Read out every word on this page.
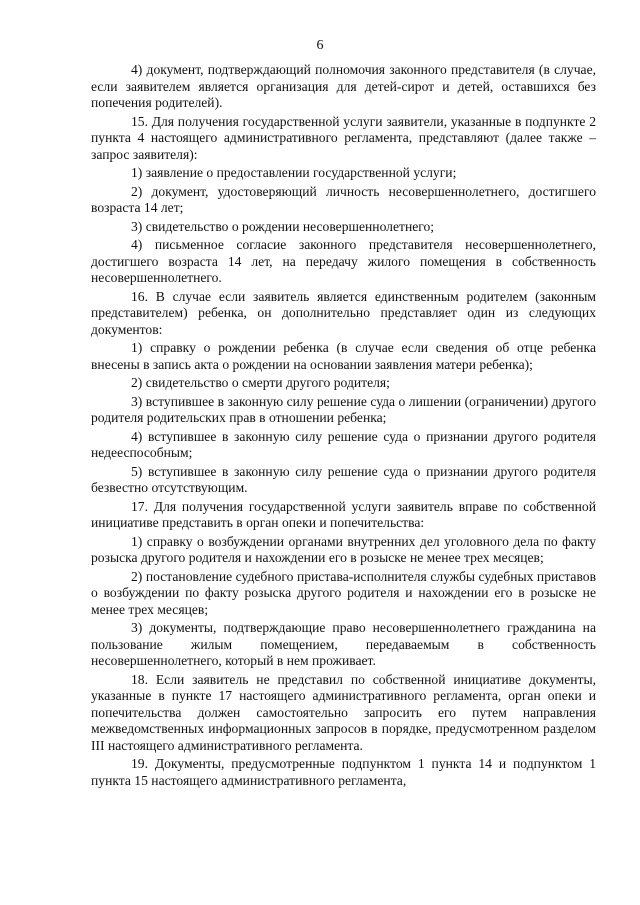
6

4) документ, подтверждающий полномочия законного представителя (в случае, если заявителем является организация для детей-сирот и детей, оставшихся без попечения родителей).

15. Для получения государственной услуги заявители, указанные в подпункте 2 пункта 4 настоящего административного регламента, представляют (далее также – запрос заявителя):

1) заявление о предоставлении государственной услуги;

2) документ, удостоверяющий личность несовершеннолетнего, достигшего возраста 14 лет;

3) свидетельство о рождении несовершеннолетнего;

4) письменное согласие законного представителя несовершеннолетнего, достигшего возраста 14 лет, на передачу жилого помещения в собственность несовершеннолетнего.

16. В случае если заявитель является единственным родителем (законным представителем) ребенка, он дополнительно представляет один из следующих документов:

1) справку о рождении ребенка (в случае если сведения об отце ребенка внесены в запись акта о рождении на основании заявления матери ребенка);

2) свидетельство о смерти другого родителя;

3) вступившее в законную силу решение суда о лишении (ограничении) другого родителя родительских прав в отношении ребенка;

4) вступившее в законную силу решение суда о признании другого родителя недееспособным;

5) вступившее в законную силу решение суда о признании другого родителя безвестно отсутствующим.

17. Для получения государственной услуги заявитель вправе по собственной инициативе представить в орган опеки и попечительства:

1) справку о возбуждении органами внутренних дел уголовного дела по факту розыска другого родителя и нахождении его в розыске не менее трех месяцев;

2) постановление судебного пристава-исполнителя службы судебных приставов о возбуждении по факту розыска другого родителя и нахождении его в розыске не менее трех месяцев;

3) документы, подтверждающие право несовершеннолетнего гражданина на пользование жилым помещением, передаваемым в собственность несовершеннолетнего, который в нем проживает.

18. Если заявитель не представил по собственной инициативе документы, указанные в пункте 17 настоящего административного регламента, орган опеки и попечительства должен самостоятельно запросить его путем направления межведомственных информационных запросов в порядке, предусмотренном разделом III настоящего административного регламента.

19. Документы, предусмотренные подпунктом 1 пункта 14 и подпунктом 1 пункта 15 настоящего административного регламента,
